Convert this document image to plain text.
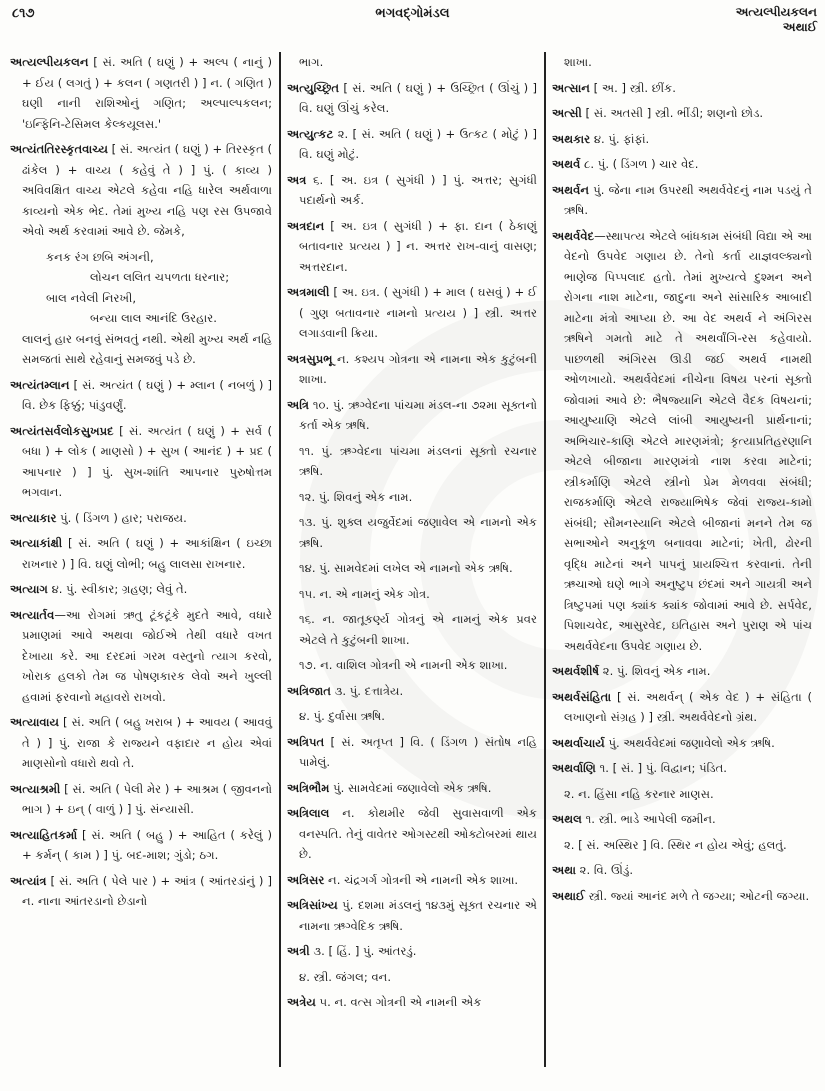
૮૧૭	ભગવદ્ગોમંડલ	અત્યલ્પીયકલન
અથાઈ

અત્યલ્પીયકલન [ સં. અતિ ( ઘણું ) + અલ્પ ( નાનું ) + ઈય ( લગતું ) + કલન ( ગણતરી ) ] ન. ( ગણિત ) ઘણી નાની રાશિઓનું ગણિત; અલ્પાલ્પકલન; 'ઇન્ફિનિ-ટેસિમલ કેલ્કયૂલસ.'

અત્યંતતિરસ્કૃતવાચ્ય [ સં. અત્યંત ( ઘણું ) + તિરસ્કૃત ( ઢાંકેલ ) + વાચ્ય ( કહેવું તે ) ] પું. ( કાવ્ય ) અવિવક્ષિત વાચ્ય એટલે કહેવા નહિ ધારેલ અર્થવાળા કાવ્યનો એક ભેદ. તેમાં મુખ્ય નહિ પણ રસ ઉપજાવે એવો અર્થ કરવામાં આવે છે. જેમકે,

કનક રંગ છબિ અંગની,

લોચન લલિત ચપળતા ધરનાર;

બાલ નવેલી નિરખી,

બન્યા લાલ આનંદિ ઉરહાર.

લાલનું હાર બનવું સંભવતું નથી. એથી મુખ્ય અર્થ નહિ સમજતાં સાથે રહેવાનું સમજવું પડે છે.

અત્યંતમ્લાન [ સં. અત્યંત ( ઘણું ) + મ્લાન ( નબળું ) ] વિ. છેક ફિક્કું; પાંડુવર્ણું.

અત્યંતસર્વલોકસુખપ્રદ [ સં. અત્યંત ( ઘણું ) + સર્વ ( બધા ) + લોક ( માણસો ) + સુખ ( આનંદ ) + પ્રદ ( આપનાર ) ] પું. સુખ-શાંતિ આપનાર પુરુષોત્તમ ભગવાન.

અત્યાકાર પું. ( ડિંગળ ) હાર; પરાજય.

અત્યાકાંક્ષી [ સં. અતિ ( ઘણું ) + આકાંક્ષિન ( ઇચ્છા રાખનાર ) ] વિ. ઘણું લોભી; બહુ લાલસા રાખનાર.

અત્યાગ ૪. પું. સ્વીકાર; ગ્રહણ; લેવું તે.

અત્યાર્તવ—આ રોગમાં ઋતુ ટૂંકટૂંકે મુદતે આવે, વધારે પ્રમાણમાં આવે અથવા જોઈએ તેથી વધારે વખત દેખાયા કરે. આ દરદમાં ગરમ વસ્તુનો ત્યાગ કરવો, ખોરાક હલકો તેમ જ પોષણકારક લેવો અને ખુલ્લી હવામાં ફરવાનો મહાવરો રાખવો.

અત્યાવાય [ સં. અતિ ( બહુ ખરાબ ) + આવય ( આવવું તે ) ] પું. રાજા કે રાજ્યને વફાદાર ન હોય એવાં માણસોનો વધારો થવો તે.

અત્યાશ્રમી [ સં. અતિ ( પેલી મેર ) + આશ્રમ ( જીવનનો ભાગ ) + ઇન્ ( વાળું ) ] પું. સંન્યાસી.

અત્યાહિતકર્મા [ સં. અતિ ( બહુ ) + આહિત ( કરેલું ) + કર્મન્ ( કામ ) ] પું. બદ-માશ; ગુંડો; ઠગ.

અત્યાંત્ર [ સં. અતિ ( પેલે પાર ) + આંત્ર ( આંતરડાંનું ) ] ન. નાના આંતરડાનો છેડાનો

ભાગ.

અત્યુચ્છ્રિત [ સં. અતિ ( ઘણું ) + ઉચ્છ્રિત ( ઊંચું ) ] વિ. ઘણું ઊંચું કરેલ.

અત્યુત્કટ ૨. [ સં. અતિ ( ઘણું ) + ઉત્કટ ( મોટું ) ] વિ. ઘણું મોટું.

અત્ર ૬. [ અ. ઇત્ર ( સુગંધી ) ] પું. અત્તર; સુગંધી પદાર્થનો અર્ક.

અત્રદાન [ અ. ઇત્ર ( સુગંધી ) + ફા. દાન ( ઠેકાણું બતાવનાર પ્રત્યય ) ] ન. અત્તર રાખ-વાનું વાસણ; અત્તરદાન.

અત્રમાલી [ અ. ઇત્ર. ( સુગંધી ) + માલ ( ઘસવું ) + ઈ ( ગુણ બતાવનાર નામનો પ્રત્યય ) ] સ્ત્રી. અત્તર લગાડવાની ક્રિયા.

અત્રસુપ્રભૂ ન. કશ્યપ ગોત્રના એ નામના એક કુટુંબની શાખા.

અત્રિ ૧૦. પું. ઋગ્વેદના પાંચમા મંડલ-ના ૭૨મા સૂક્તનો કર્તા એક ઋષિ.

૧૧. પું. ઋગ્વેદના પાંચમા મંડલનાં સૂક્તો રચનાર ઋષિ.

૧૨. પું. શિવનું એક નામ.

૧૩. પું. શુક્લ યજુર્વેદમાં જણાવેલ એ નામનો એક ઋષિ.

૧૪. પું. સામવેદમાં લખેલ એ નામનો એક ઋષિ.

૧૫. ન. એ નામનું એક ગોત્ર.

૧૬. ન. જાતૂકર્ણ્ય ગોત્રનું એ નામનું એક પ્રવર એટલે તે કુટુંબની શાખા.

૧૭. ન. વાશિલ ગોત્રની એ નામની એક શાખા.

અત્રિજાત ૩. પું. દત્તાત્રેય.

૪. પું. દુર્વાસા ઋષિ.

અત્રિપત [ સં. અતૃપ્ત ] વિ. ( ડિંગળ ) સંતોષ નહિ પામેલું.

અત્રિભૌમ પું. સામવેદમાં જણાવેલો એક ઋષિ.

અત્રિલાલ ન. કોથમીર જેવી સુવાસવાળી એક વનસ્પતિ. તેનું વાવેતર ઓગસ્ટથી ઓક્ટોબરમાં થાય છે.

અત્રિસર ન. ચંદ્રગર્ગ ગોત્રની એ નામની એક શાખા.

અત્રિસાંખ્ય પું. દશમા મંડલનું ૧૪૩મું સૂક્ત રચનાર એ નામના ઋગ્વેદિક ઋષિ.

અત્રી ૩. [ હિં. ] પું. આંતરડું.

૪. સ્ત્રી. જંગલ; વન.

અત્રેય ૫. ન. વત્સ ગોત્રની એ નામની એક

શાખા.

અત્સાન [ અ. ] સ્ત્રી. છીંક.

અત્સી [ સં. અતસી ] સ્ત્રી. ભીંડી; શણનો છોડ.

અથકાર ૪. પું. ફાંફાં.

અથર્વ ૮. પું. ( ડિંગળ ) ચાર વેદ.

અથર્વન પું. જેના નામ ઉપરથી અથર્વવેદનું નામ પડયું તે ઋષિ.

અથર્વવેદ—સ્થાપત્ય એટલે બાંધકામ સંબંધી વિદ્યા એ આ વેદનો ઉપવેદ ગણાય છે. તેનો કર્તા યાજ્ઞવલ્ક્યનો ભાણેજ પિપ્પલાદ હતો. તેમાં મુખ્યત્વે દુશ્મન અને રોગના નાશ માટેના, જાદુના અને સાંસારિક આબાદી માટેના મંત્રો આપ્યા છે. આ વેદ અથર્વ ને અંગિરસ ઋષિને ગમતો માટે તે અથર્વાંગિ-રસ કહેવાયો. પાછળથી અંગિરસ ઊડી જઈ અથર્વ નામથી ઓળખાયો. અથર્વવેદમાં નીચેના વિષય પરનાં સૂક્તો જોવામાં આવે છે: ભૈષજ્યાનિ એટલે વૈદક વિષયનાં; આયુષ્યાણિ એટલે લાંબી આયુષ્યની પ્રાર્થનાનાં; અભિચાર-કાણિ એટલે મારણમંત્રો; કૃત્યાપ્રતિહરણાનિ એટલે બીજાના મારણમંત્રો નાશ કરવા માટેનાં; સ્ત્રીકર્માણિ એટલે સ્ત્રીનો પ્રેમ મેળવવા સંબંધી; રાજકર્માણિ એટલે રાજ્યાભિષેક જેવાં રાજ્ય-કામો સંબંધી; સૌમનસ્યાનિ એટલે બીજાનાં મનને તેમ જ સભાઓને અનુકૂળ બનાવવા માટેનાં; ખેતી, ઢોરની વૃદ્ધિ માટેનાં અને પાપનું પ્રાયશ્ચિત્ત કરવાનાં. તેની ઋચાઓ ઘણે ભાગે અનુષ્ટુપ છંદમાં અને ગાયત્રી અને ત્રિષ્ટુપમાં પણ ક્યાંક ક્યાંક જોવામાં આવે છે. સર્પવેદ, પિશાચવેદ, આસુરવેદ, ઇતિહાસ અને પુરાણ એ પાંચ અથર્વવેદના ઉપવેદ ગણાય છે.

અથર્વશીર્ષ ૨. પું. શિવનું એક નામ.

અથર્વસંહિતા [ સં. અથર્વન્ ( એક વેદ ) + સંહિતા ( લખાણનો સંગ્રહ ) ] સ્ત્રી. અથર્વવેદનો ગ્રંથ.

અથર્વાચાર્ય પું. અથર્વવેદમાં જણાવેલો એક ઋષિ.

અથર્વાણિ ૧. [ સં. ] પું. વિદ્વાન; પંડિત.

૨. ન. હિંસા નહિ કરનાર માણસ.

અથલ ૧. સ્ત્રી. ભાડે આપેલી જમીન.

૨. [ સં. અસ્થિર ] વિ. સ્થિર ન હોય એવું; હલતું.

અથા ૨. વિ. ઊંડું.

અથાઈ સ્ત્રી. જ્યાં આનંદ મળે તે જગ્યા; ઓટની જગ્યા.
